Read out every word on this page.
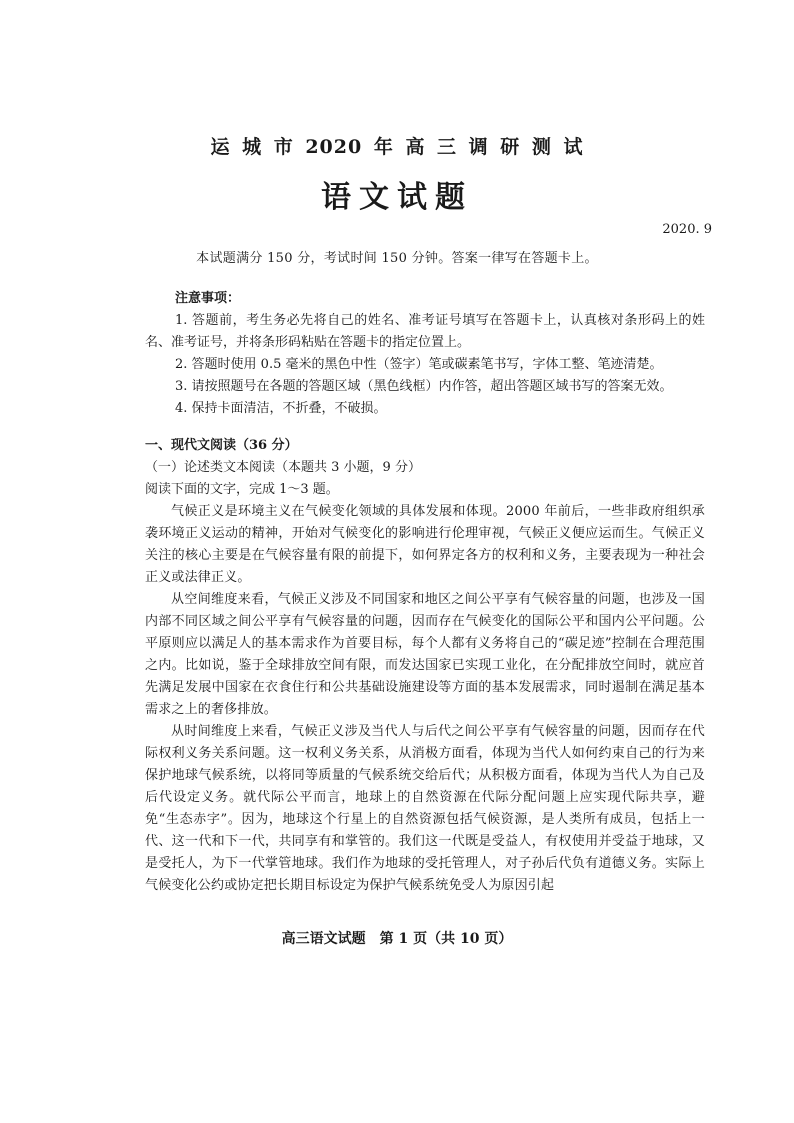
运 城 市 2020 年 高 三 调 研 测 试
语文试题
2020. 9
本试题满分 150 分，考试时间 150 分钟。答案一律写在答题卡上。

注意事项：

1. 答题前，考生务必先将自己的姓名、准考证号填写在答题卡上，认真核对条形码上的姓名、准考证号，并将条形码粘贴在答题卡的指定位置上。

2. 答题时使用 0.5 毫米的黑色中性（签字）笔或碳素笔书写，字体工整、笔迹清楚。

3. 请按照题号在各题的答题区域（黑色线框）内作答，超出答题区域书写的答案无效。

4. 保持卡面清洁，不折叠，不破损。

一、现代文阅读（36 分）

（一）论述类文本阅读（本题共 3 小题，9 分）

阅读下面的文字，完成 1～3 题。

气候正义是环境主义在气候变化领域的具体发展和体现。2000 年前后，一些非政府组织承袭环境正义运动的精神，开始对气候变化的影响进行伦理审视，气候正义便应运而生。气候正义关注的核心主要是在气候容量有限的前提下，如何界定各方的权利和义务，主要表现为一种社会正义或法律正义。

从空间维度来看，气候正义涉及不同国家和地区之间公平享有气候容量的问题，也涉及一国内部不同区域之间公平享有气候容量的问题，因而存在气候变化的国际公平和国内公平问题。公平原则应以满足人的基本需求作为首要目标，每个人都有义务将自己的“碳足迹”控制在合理范围之内。比如说，鉴于全球排放空间有限，而发达国家已实现工业化，在分配排放空间时，就应首先满足发展中国家在衣食住行和公共基础设施建设等方面的基本发展需求，同时遏制在满足基本需求之上的奢侈排放。

从时间维度上来看，气候正义涉及当代人与后代之间公平享有气候容量的问题，因而存在代际权利义务关系问题。这一权利义务关系，从消极方面看，体现为当代人如何约束自己的行为来保护地球气候系统，以将同等质量的气候系统交给后代；从积极方面看，体现为当代人为自己及后代设定义务。就代际公平而言，地球上的自然资源在代际分配问题上应实现代际共享，避免“生态赤字”。因为，地球这个行星上的自然资源包括气候资源，是人类所有成员，包括上一代、这一代和下一代，共同享有和掌管的。我们这一代既是受益人，有权使用并受益于地球，又是受托人，为下一代掌管地球。我们作为地球的受托管理人，对子孙后代负有道德义务。实际上气候变化公约或协定把长期目标设定为保护气候系统免受人为原因引起

高三语文试题　第 1 页（共 10 页）
